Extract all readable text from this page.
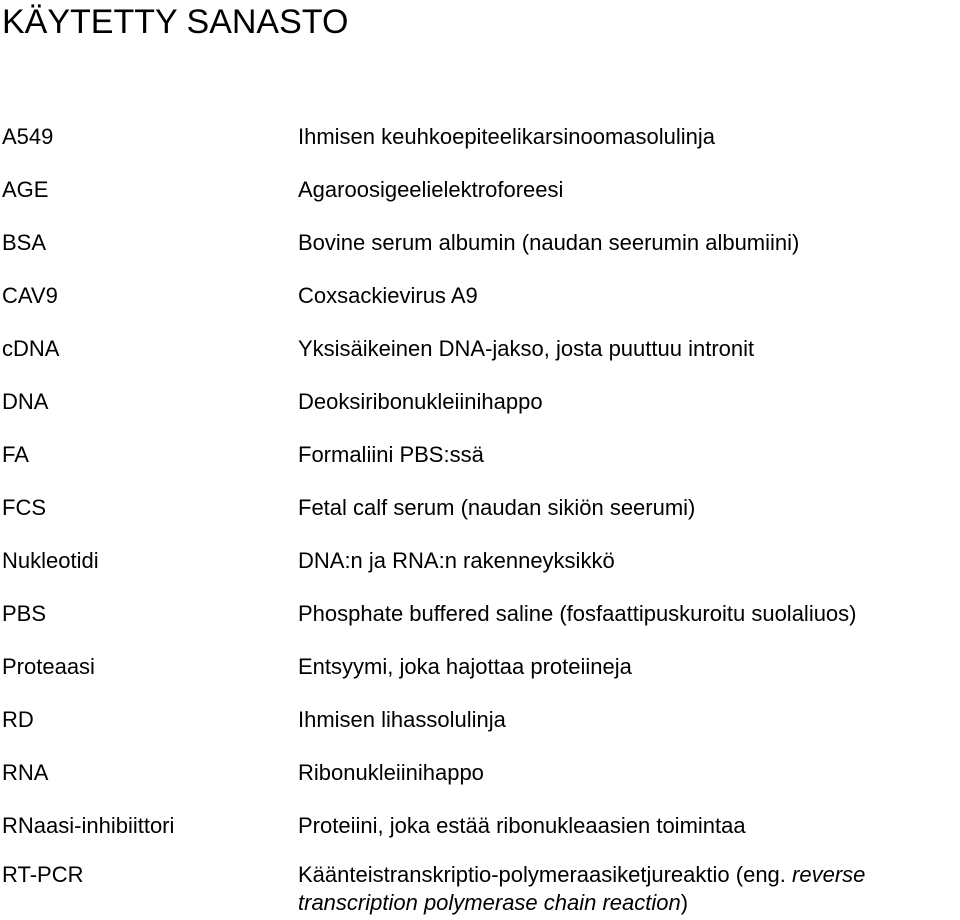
KÄYTETTY SANASTO
A549	Ihmisen keuhkoepiteelikarsinoomasolulinja
AGE	Agaroosigeelielektroforeesi
BSA	Bovine serum albumin (naudan seerumin albumiini)
CAV9	Coxsackievirus A9
cDNA	Yksisäikeinen DNA-jakso, josta puuttuu intronit
DNA	Deoksiribonukleiinihappo
FA	Formaliini PBS:ssä
FCS	Fetal calf serum (naudan sikiön seerumi)
Nukleotidi	DNA:n ja RNA:n rakenneyksikkö
PBS	Phosphate buffered saline (fosfaattipuskuroitu suolaliuos)
Proteaasi	Entsyymi, joka hajottaa proteiineja
RD	Ihmisen lihassolulinja
RNA	Ribonukleiinihappo
RNaasi-inhibiittori	Proteiini, joka estää ribonukleaasien toimintaa
RT-PCR	Käänteistranskriptio-polymeraasiketjureaktio (eng. reverse
transcription polymerase chain reaction)
